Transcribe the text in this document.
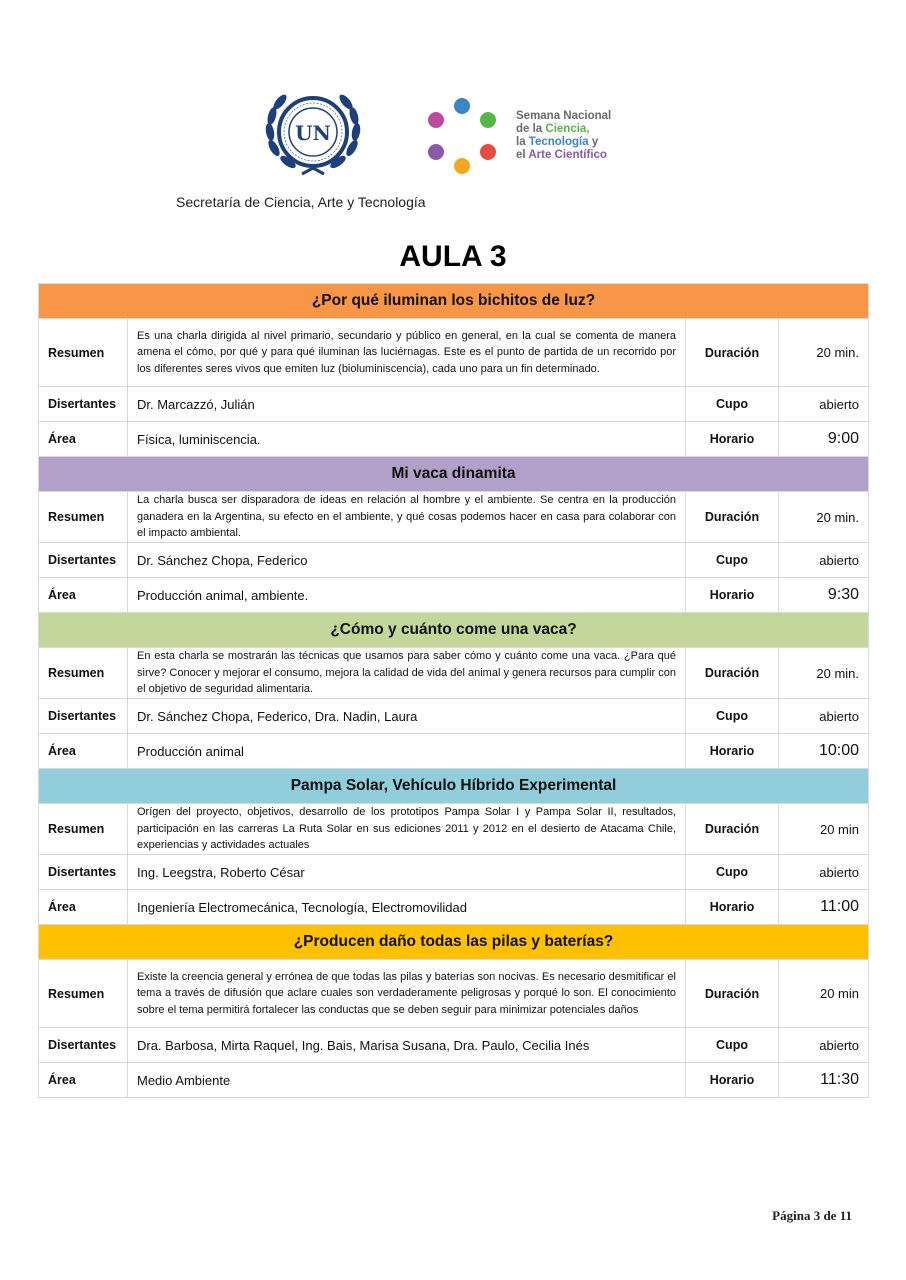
UN
Semana Nacional
de la Ciencia,
la Tecnología y
el Arte Científico
Secretaría de Ciencia, Arte y Tecnología
AULA 3
¿Por qué iluminan los bichitos de luz?			
Resumen	Es una charla dirigida al nivel primario, secundario y público en general, en la cual se comenta de manera amena el cómo, por qué y para qué iluminan las luciérnagas. Este es el punto de partida de un recorrido por los diferentes seres vivos que emiten luz (bioluminiscencia), cada uno para un fin determinado.	Duración	20 min.
Disertantes	Dr. Marcazzó, Julián	Cupo	abierto
Área	Física, luminiscencia.	Horario	9:00
Mi vaca dinamita			
Resumen	La charla busca ser disparadora de ideas en relación al hombre y el ambiente. Se centra en la producción ganadera en la Argentina, su efecto en el ambiente, y qué cosas podemos hacer en casa para colaborar con el impacto ambiental.	Duración	20 min.
Disertantes	Dr. Sánchez Chopa, Federico	Cupo	abierto
Área	Producción animal, ambiente.	Horario	9:30
¿Cómo y cuánto come una vaca?			
Resumen	En esta charla se mostrarán las técnicas que usamos para saber cómo y cuánto come una vaca. ¿Para qué sirve? Conocer y mejorar el consumo, mejora la calidad de vida del animal y genera recursos para cumplir con el objetivo de seguridad alimentaria.	Duración	20 min.
Disertantes	Dr. Sánchez Chopa, Federico, Dra. Nadin, Laura	Cupo	abierto
Área	Producción animal	Horario	10:00
Pampa Solar, Vehículo Híbrido Experimental			
Resumen	Orígen del proyecto, objetivos, desarrollo de los prototipos Pampa Solar I y Pampa Solar II, resultados, participación en las carreras La Ruta Solar en sus ediciones 2011 y 2012 en el desierto de Atacama Chile, experiencias y actividades actuales	Duración	20 min
Disertantes	Ing. Leegstra, Roberto César	Cupo	abierto
Área	Ingeniería Electromecánica, Tecnología, Electromovilidad	Horario	11:00
¿Producen daño todas las pilas y baterías?			
Resumen	Existe la creencia general y errónea de que todas las pilas y baterías son nocivas. Es necesario desmitificar el tema a través de difusión que aclare cuales son verdaderamente peligrosas y porqué lo son. El conocimiento sobre el tema permitirá fortalecer las conductas que se deben seguir para minimizar potenciales daños	Duración	20 min
Disertantes	Dra. Barbosa, Mirta Raquel, Ing. Bais, Marisa Susana, Dra. Paulo, Cecilia Inés	Cupo	abierto
Área	Medio Ambiente	Horario	11:30
Página 3 de 11
